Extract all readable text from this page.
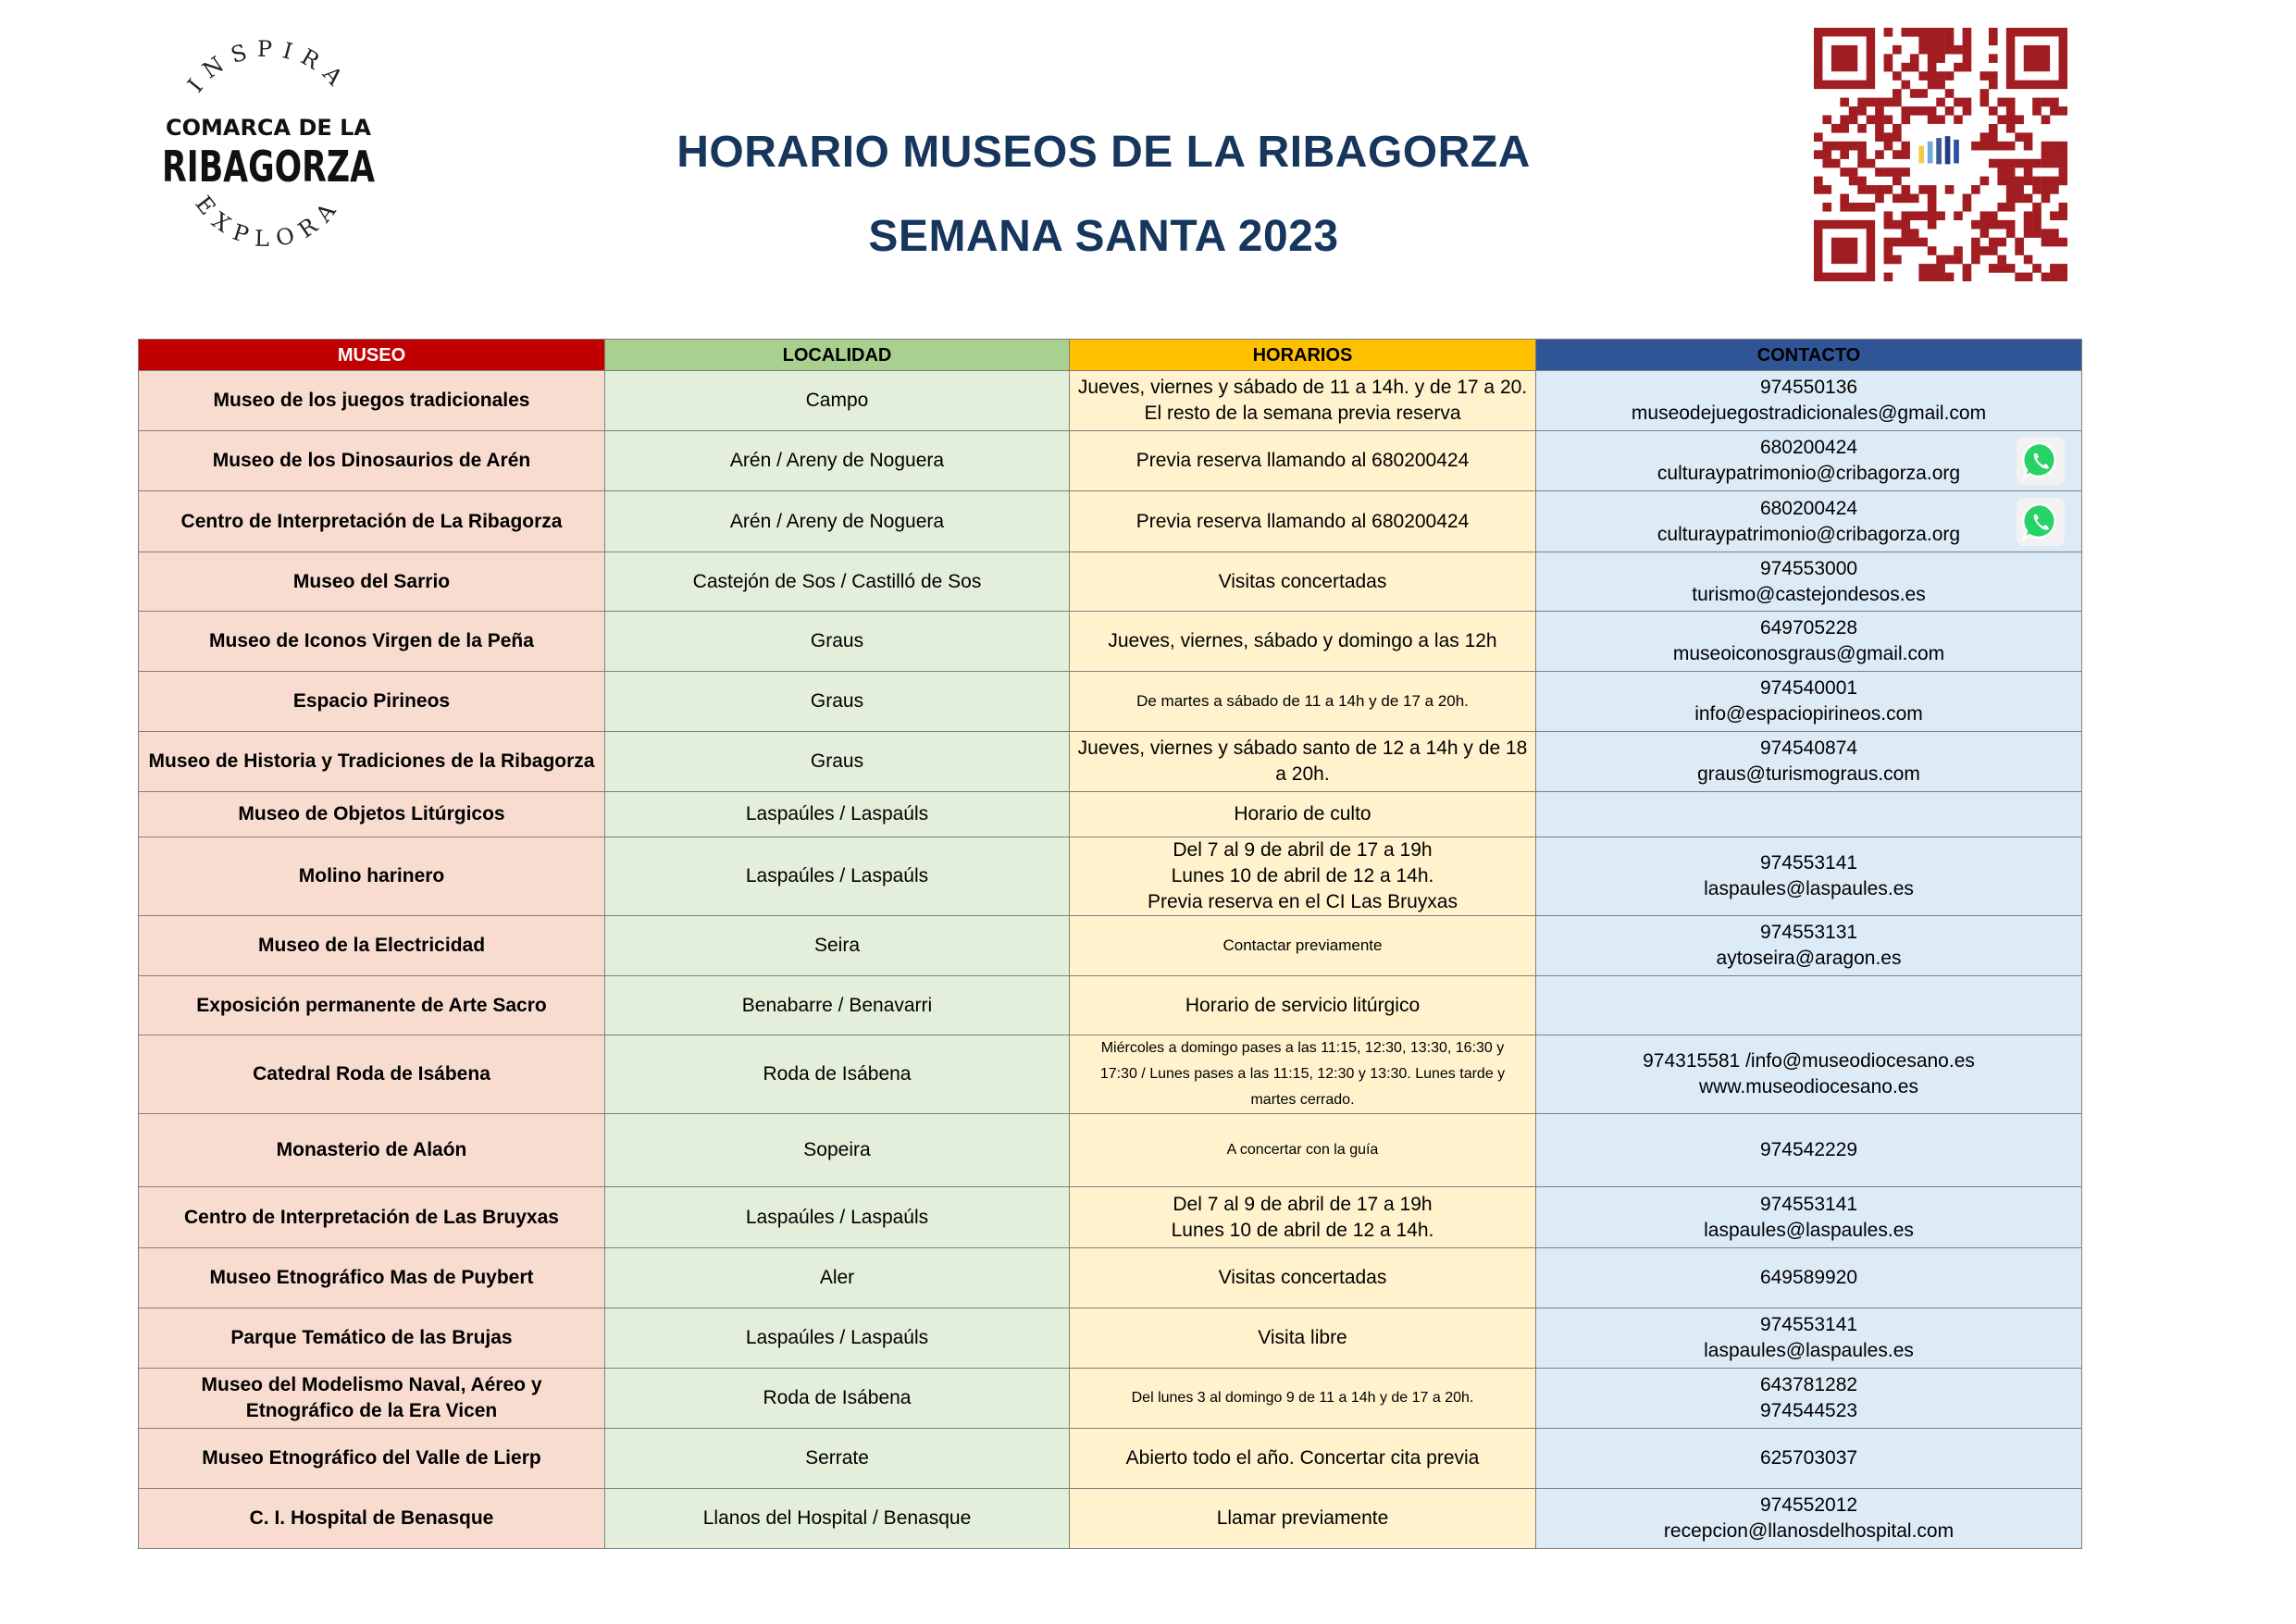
INSPIRA
EXPLORA
COMARCA DE LA
RIBAGORZA	HORARIO MUSEOS DE LA RIBAGORZA
SEMANA SANTA 2023
MUSEO	LOCALIDAD	HORARIOS	CONTACTO
Museo de los juegos tradicionales	Campo	Jueves, viernes y sábado de 11 a 14h. y de 17 a 20.
El resto de la semana previa reserva	974550136
museodejuegostradicionales@gmail.com

Museo de los Dinosaurios de Arén	Arén / Areny de Noguera	Previa reserva llamando al 680200424	680200424
culturaypatrimonio@cribagorza.org

Centro de Interpretación de La Ribagorza	Arén / Areny de Noguera	Previa reserva llamando al 680200424	680200424
culturaypatrimonio@cribagorza.org

Museo del Sarrio	Castejón de Sos / Castilló de Sos	Visitas concertadas	974553000
turismo@castejondesos.es

Museo de Iconos Virgen de la Peña	Graus	Jueves, viernes, sábado y domingo a las 12h	649705228
museoiconosgraus@gmail.com

Espacio Pirineos	Graus	De martes a sábado de 11 a 14h y de 17 a 20h.	974540001
info@espaciopirineos.com

Museo de Historia y Tradiciones de la Ribagorza	Graus	Jueves, viernes y sábado santo de 12 a 14h y de 18
a 20h.	974540874
graus@turismograus.com

Museo de Objetos Litúrgicos	Laspaúles / Laspaúls	Horario de culto	

Molino harinero	Laspaúles / Laspaúls	Del 7 al 9 de abril de 17 a 19h
Lunes 10 de abril de 12 a 14h.
Previa reserva en el CI Las Bruyxas	974553141
laspaules@laspaules.es

Museo de la Electricidad	Seira	Contactar previamente	974553131
aytoseira@aragon.es

Exposición permanente de Arte Sacro	Benabarre / Benavarri	Horario de servicio litúrgico	

Catedral Roda de Isábena	Roda de Isábena	Miércoles a domingo pases a las 11:15, 12:30, 13:30, 16:30 y
17:30 / Lunes pases a las 11:15, 12:30 y 13:30. Lunes tarde y
martes cerrado.	974315581 /info@museodiocesano.es
www.museodiocesano.es

Monasterio de Alaón	Sopeira	A concertar con la guía	974542229

Centro de Interpretación de Las Bruyxas	Laspaúles / Laspaúls	Del 7 al 9 de abril de 17 a 19h
Lunes 10 de abril de 12 a 14h.	974553141
laspaules@laspaules.es

Museo Etnográfico Mas de Puybert	Aler	Visitas concertadas	649589920

Parque Temático de las Brujas	Laspaúles / Laspaúls	Visita libre	974553141
laspaules@laspaules.es

Museo del Modelismo Naval, Aéreo y Etnográfico de la Era Vicen	Roda de Isábena	Del lunes 3 al domingo 9 de 11 a 14h y de 17 a 20h.	643781282
974544523

Museo Etnográfico del Valle de Lierp	Serrate	Abierto todo el año. Concertar cita previa	625703037

C. I. Hospital de Benasque	Llanos del Hospital / Benasque	Llamar previamente	974552012
recepcion@llanosdelhospital.com
